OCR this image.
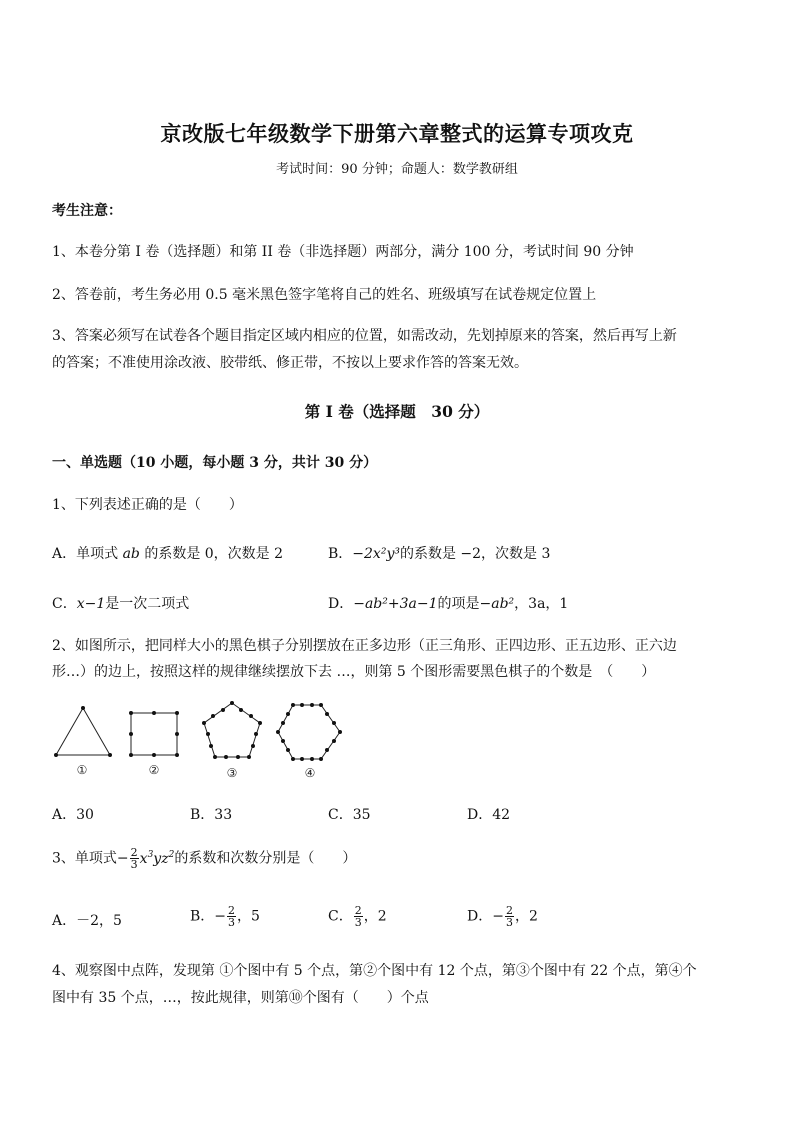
京改版七年级数学下册第六章整式的运算专项攻克
考试时间：90 分钟；命题人：数学教研组
考生注意：
1、本卷分第 I 卷（选择题）和第 II 卷（非选择题）两部分，满分 100 分，考试时间 90 分钟
2、答卷前，考生务必用 0.5 毫米黑色签字笔将自己的姓名、班级填写在试卷规定位置上
3、答案必须写在试卷各个题目指定区域内相应的位置，如需改动，先划掉原来的答案，然后再写上新
的答案；不准使用涂改液、胶带纸、修正带，不按以上要求作答的答案无效。
第 I 卷（选择题　30 分）
一、单选题（10 小题，每小题 3 分，共计 30 分）
1、下列表述正确的是（　　）
A．单项式 ab 的系数是 0，次数是 2	B．−2x²y³的系数是 −2，次数是 3
C．x−1是一次二项式	D．−ab²+3a−1的项是−ab²，3a，1
2、如图所示，把同样大小的黑色棋子分别摆放在正多边形（正三角形、正四边形、正五边形、正六边
形…）的边上，按照这样的规律继续摆放下去 …，则第 5 个图形需要黑色棋子的个数是　（　　）
①	②	③	④
A．30	B．33	C．35	D．42
3、单项式− $\frac{2}{3} x^3yz^2$的系数和次数分别是（　　）
A．－2，5	B．− $\frac{2}{3}$ ，5	C． $\frac{2}{3}$ ，2	D．− $\frac{2}{3}$ ，2
4、观察图中点阵，发现第 ①个图中有 5 个点，第②个图中有 12 个点，第③个图中有 22 个点，第④个
图中有 35 个点，…，按此规律，则第⑩个图有（　　）个点
